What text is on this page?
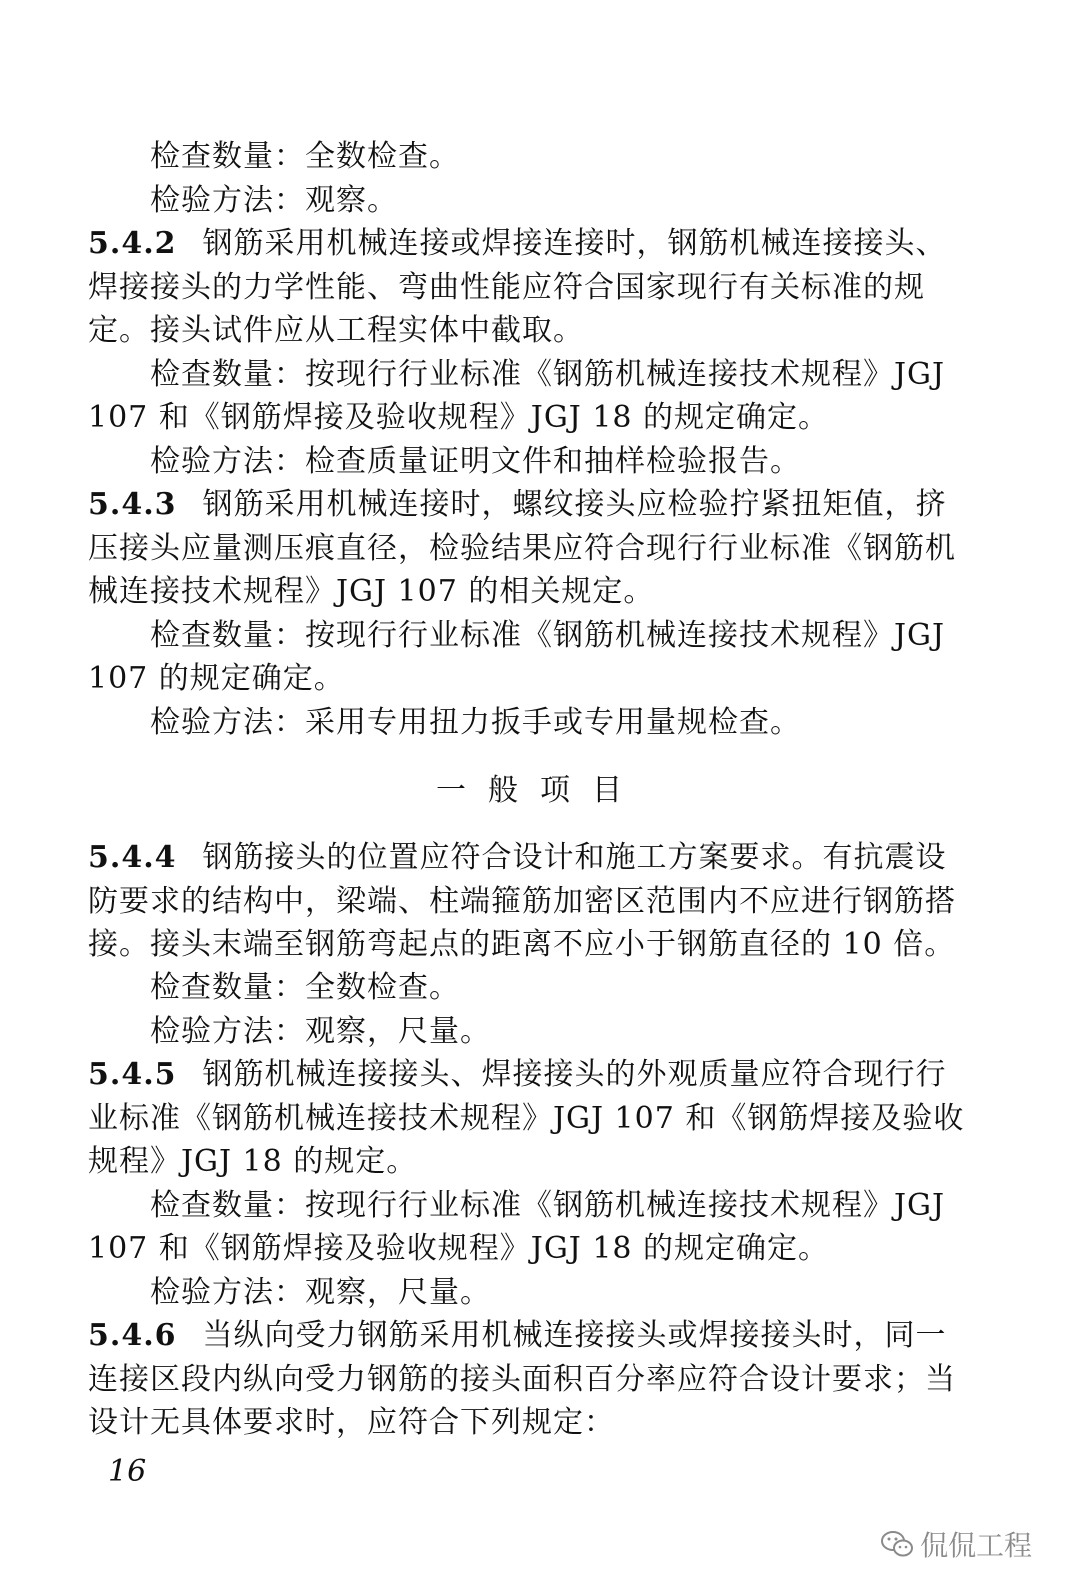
检查数量：全数检查。
检验方法：观察。
5.4.2 钢筋采用机械连接或焊接连接时，钢筋机械连接接头、
焊接接头的力学性能、弯曲性能应符合国家现行有关标准的规
定。接头试件应从工程实体中截取。
检查数量：按现行行业标准《钢筋机械连接技术规程》JGJ
107 和《钢筋焊接及验收规程》JGJ 18 的规定确定。
检验方法：检查质量证明文件和抽样检验报告。
5.4.3 钢筋采用机械连接时，螺纹接头应检验拧紧扭矩值，挤
压接头应量测压痕直径，检验结果应符合现行行业标准《钢筋机
械连接技术规程》JGJ 107 的相关规定。
检查数量：按现行行业标准《钢筋机械连接技术规程》JGJ
107 的规定确定。
检验方法：采用专用扭力扳手或专用量规检查。
一般项目
5.4.4 钢筋接头的位置应符合设计和施工方案要求。有抗震设
防要求的结构中，梁端、柱端箍筋加密区范围内不应进行钢筋搭
接。接头末端至钢筋弯起点的距离不应小于钢筋直径的 10 倍。
检查数量：全数检查。
检验方法：观察，尺量。
5.4.5 钢筋机械连接接头、焊接接头的外观质量应符合现行行
业标准《钢筋机械连接技术规程》JGJ 107 和《钢筋焊接及验收
规程》JGJ 18 的规定。
检查数量：按现行行业标准《钢筋机械连接技术规程》JGJ
107 和《钢筋焊接及验收规程》JGJ 18 的规定确定。
检验方法：观察，尺量。
5.4.6 当纵向受力钢筋采用机械连接接头或焊接接头时，同一
连接区段内纵向受力钢筋的接头面积百分率应符合设计要求；当
设计无具体要求时，应符合下列规定：
16
侃侃工程
